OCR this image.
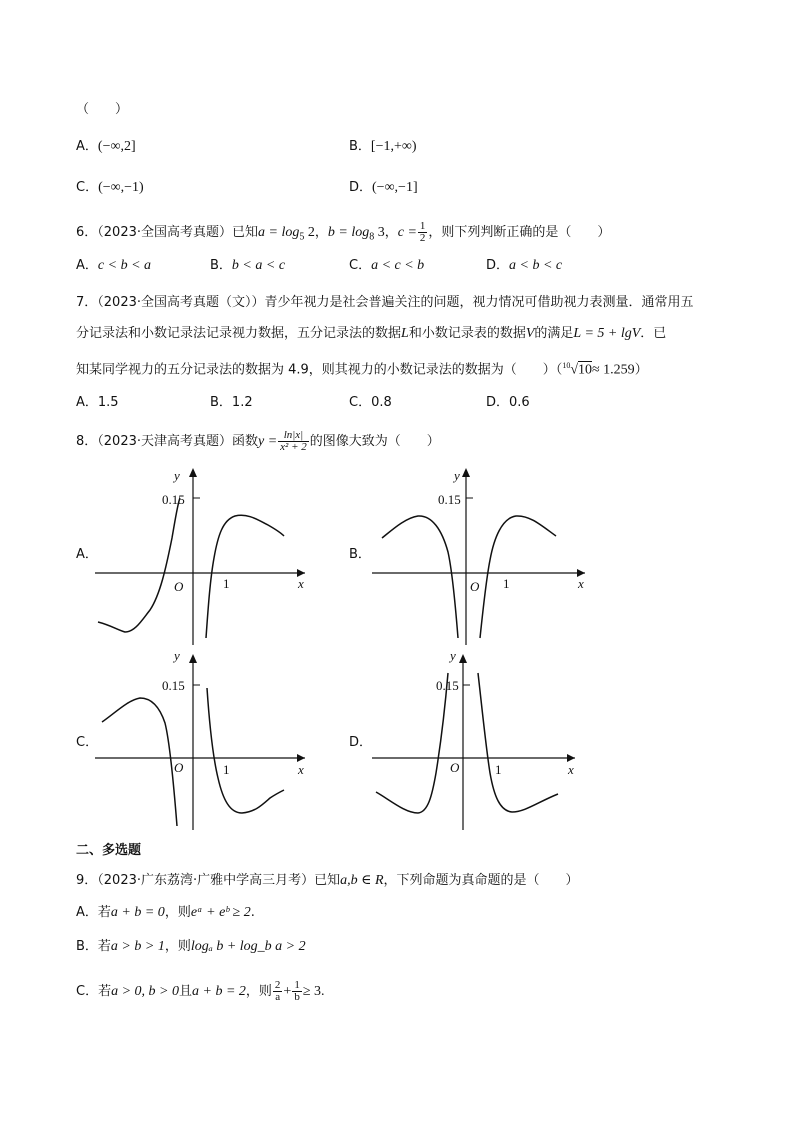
（　　）
A．(−∞,2]	B．[−1,+∞)
C．(−∞,−1)	D．(−∞,−1]
6．（2023·全国高考真题）已知$a = \log_5 2$，$b = \log_8 3$，$c = \frac{1}{2}$ ，则下列判断正确的是（　　）
A．c < b < a	B．b < a < c	C．a < c < b	D．a < b < c
7．（2023·全国高考真题（文））青少年视力是社会普遍关注的问题，视力情况可借助视力表测量．通常用五
分记录法和小数记录法记录视力数据，五分记录法的数据L和小数记录表的数据V的满足L = 5 + lgV．已
知某同学视力的五分记录法的数据为 4.9，则其视力的小数记录法的数据为（　　）（$^{10}$√10≈ 1.259）
A．1.5	B．1.2	C．0.8	D．0.6
8．（2023·天津高考真题）函数$y = \frac{\ln|x|}{\text{x² + 2}}$ 的图像大致为（　　）
A．	B．
C．	D．
0.15
y
x
O	1
0.15
y
x
O 1
0.15
y
x
O	1
0.15
y
x
O	1
二、多选题
9．（2023·广东荔湾·广雅中学高三月考）已知a,b ∈ R，下列命题为真命题的是（　　）
A．若a + b = 0，则eᵃ + eᵇ ≥ 2.
B．若a > b > 1，则logₐ b + log_b a > 2
C．若a > 0, b > 0且a + b = 2，则 $\frac{2}{a} + \frac{1}{b} \ge 3$.
